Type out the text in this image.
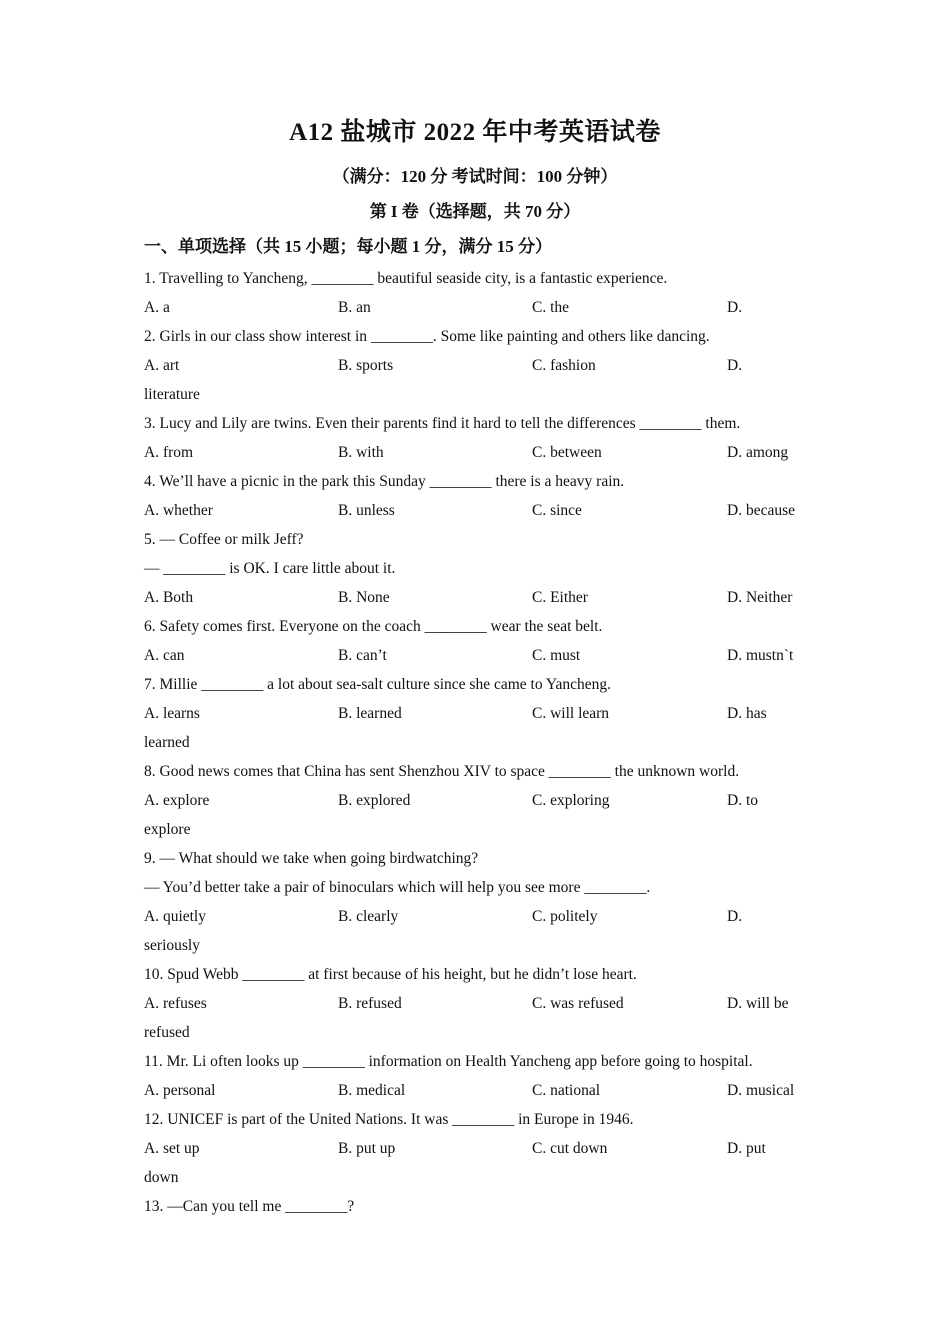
A12 盐城市 2022 年中考英语试卷
（满分：120 分 考试时间：100 分钟）
第 I 卷（选择题，共 70 分）
一、单项选择（共 15 小题；每小题 1 分，满分 15 分）
1. Travelling to Yancheng, ________ beautiful seaside city, is a fantastic experience.
A. a	B. an	C. the	D.
2. Girls in our class show interest in ________. Some like painting and others like dancing.
A. art	B. sports	C. fashion	D.
literature
3. Lucy and Lily are twins. Even their parents find it hard to tell the differences ________ them.
A. from	B. with	C. between	D. among
4. We’ll have a picnic in the park this Sunday ________ there is a heavy rain.
A. whether	B. unless	C. since	D. because
5. — Coffee or milk Jeff?
— ________ is OK. I care little about it.
A. Both	B. None	C. Either	D. Neither
6. Safety comes first. Everyone on the coach ________ wear the seat belt.
A. can	B. can’t	C. must	D. mustn`t
7. Millie ________ a lot about sea-salt culture since she came to Yancheng.
A. learns	B. learned	C. will learn	D. has
learned
8. Good news comes that China has sent Shenzhou XIV to space ________ the unknown world.
A. explore	B. explored	C. exploring	D. to
explore
9. — What should we take when going birdwatching?
— You’d better take a pair of binoculars which will help you see more ________.
A. quietly	B. clearly	C. politely	D.
seriously
10. Spud Webb ________ at first because of his height, but he didn’t lose heart.
A. refuses	B. refused	C. was refused	D. will be
refused
11. Mr. Li often looks up ________ information on Health Yancheng app before going to hospital.
A. personal	B. medical	C. national	D. musical
12. UNICEF is part of the United Nations. It was ________ in Europe in 1946.
A. set up	B. put up	C. cut down	D. put
down
13. —Can you tell me ________?
